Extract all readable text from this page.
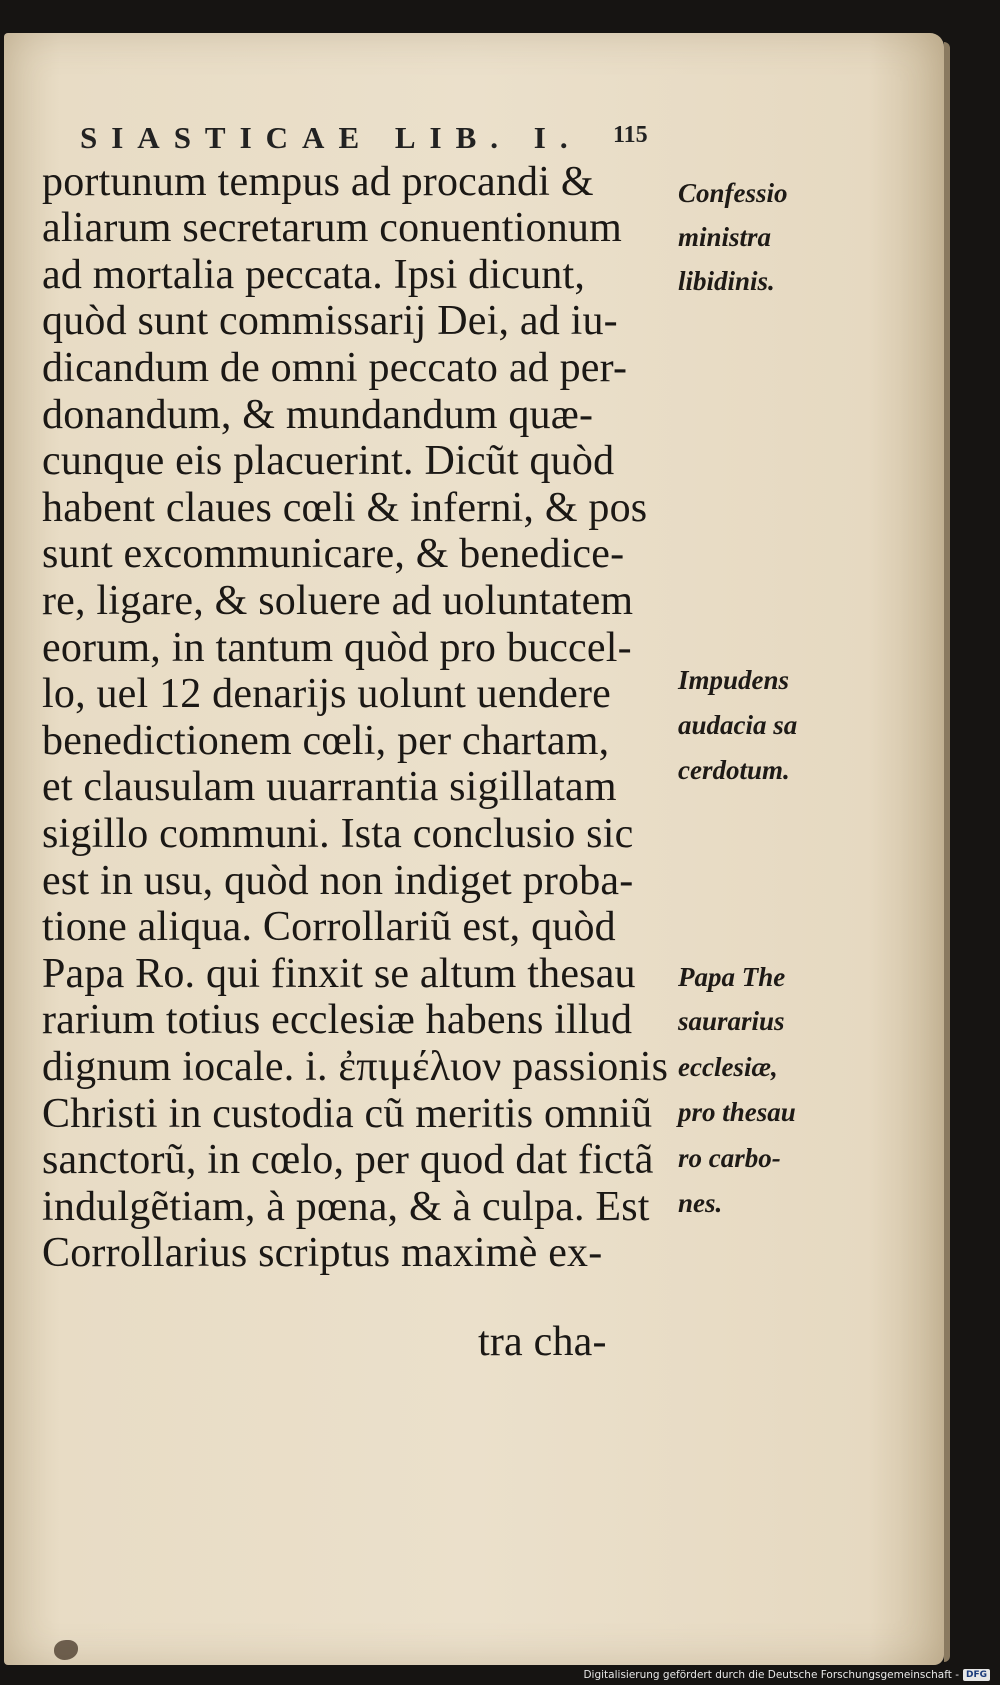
SIASTICAE LIB. I. 115
portunum tempus ad procandi &
aliarum secretarum conuentionum
ad mortalia peccata. Ipsi dicunt,
quòd sunt commissarij Dei, ad iu-
dicandum de omni peccato ad per-
donandum, & mundandum quæ-
cunque eis placuerint. Dicũt quòd
habent claues cœli & inferni, & pos
sunt excommunicare, & benedice-
re, ligare, & soluere ad uoluntatem
eorum, in tantum quòd pro buccel-
lo, uel 12 denarijs uolunt uendere
benedictionem cœli, per chartam,
et clausulam uuarrantia sigillatam
sigillo communi. Ista conclusio sic
est in usu, quòd non indiget proba-
tione aliqua. Corrollariũ est, quòd
Papa Ro. qui finxit se altum thesau
rarium totius ecclesiæ habens illud
dignum iocale. i. ἐπιμέλιον passionis
Christi in custodia cũ meritis omniũ
sanctorũ, in cœlo, per quod dat fictã
indulgẽtiam, à pœna, & à culpa. Est
Corrollarius scriptus maximè ex-
tra cha-
Confessio
ministra
libidinis.
Impudens
audacia sa
cerdotum.
Papa The
saurarius
ecclesiæ,
pro thesau
ro carbo-
nes.
Digitalisierung gefördert durch die Deutsche Forschungsgemeinschaft - DFG
